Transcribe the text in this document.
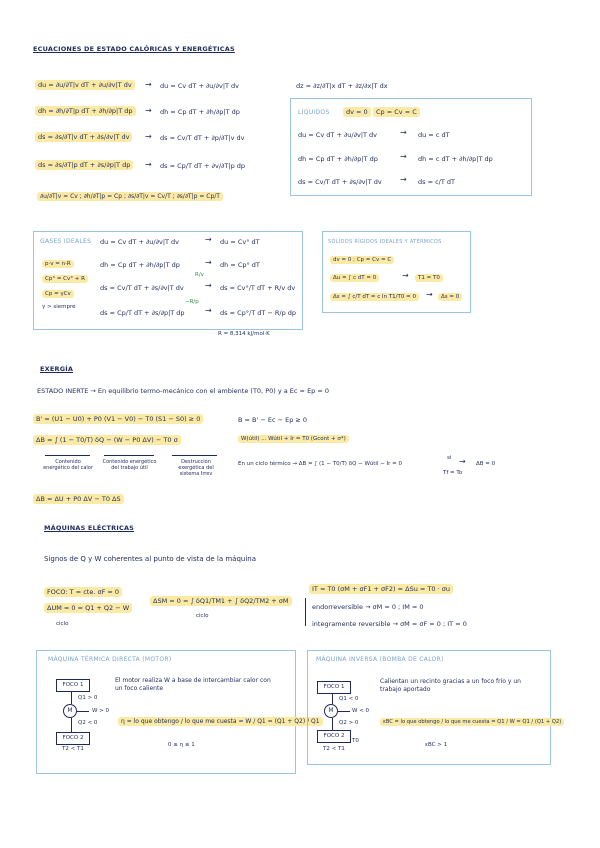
ECUACIONES DE ESTADO CALÓRICAS Y ENERGÉTICAS
du = ∂u/∂T|v dT + ∂u/∂v|T dv	→ du = Cv dT + ∂u/∂v|T dv
dh = ∂h/∂T|p dT + ∂h/∂p|T dp	→ dh = Cp dT + ∂h/∂p|T dp
ds = ∂s/∂T|v dT + ∂s/∂v|T dv	→ ds = Cv/T dT + ∂p/∂T|v dv
ds = ∂s/∂T|p dT + ∂s/∂p|T dp	→ ds = Cp/T dT + ∂v/∂T|p dp
∂u/∂T|v = Cv ; ∂h/∂T|p = Cp ; ∂s/∂T|v = Cv/T ; ∂s/∂T|p = Cp/T
dz = ∂z/∂T|x dT + ∂z/∂x|T dx
LÍQUIDOS	dv = 0	Cp = Cv = C
du = Cv dT + ∂u/∂v|T dv	→ du = c dT
dh = Cp dT + ∂h/∂p|T dp	→ dh = c dT + ∂h/∂p|T dp
ds = Cv/T dT + ∂s/∂v|T dv → ds = c/T dT
GASES IDEALES
p·v = n·R
Cp° = Cv° + R
Cp = γCv
γ > siempre
du = Cv dT + ∂u/∂v|T dv	→ du = Cv° dT
dh = Cp dT + ∂h/∂p|T dp	→ dh = Cp° dT
R/v
ds = Cv/T dT + ∂s/∂v|T dv	→ ds = Cv°/T dT + R/v dv
−R/p
ds = Cp/T dT + ∂s/∂p|T dp	→ ds = Cp°/T dT − R/p dp
R = 8,314 kJ/mol·K
SÓLIDOS RÍGIDOS IDEALES Y ATÉRMICOS
dv = 0 ; Cp = Cv = C
Δu = ∫ c dT = 0	→	T1 = T0
Δs = ∫ c/T dT = c ln T1/T0 = 0	→	Δs = 0
EXERGÍA
ESTADO INERTE → En equilibrio termo-mecánico con el ambiente (T0, P0) y a Ec = Ep = 0
B' = (U1 − U0) + P0 (V1 − V0) − T0 (S1 − S0) ≥ 0	B = B' − Ec − Ep ≥ 0
ΔB = ∫ (1 − T0/T) δQ − (W − P0 ΔV) − T0 σ	W(útil) ... Wútil + Ir = T0 (Gcont + σ*)
Contenido energético del calor
Contenido energético del trabajo útil
Destrucción exergética del sistema Irrev
En un ciclo térmico → ΔB = ∫ (1 − T0/T) δQ − Wútil − Ir = 0	→
si
Tf = To
ΔB = 0
ΔB = ΔU + P0 ΔV − T0 ΔS
MÁQUINAS ELÉCTRICAS
Signos de Q y W coherentes al punto de vista de la máquina
FOCO: T = cte. σF = 0
ΔUM = 0 = Q1 + Q2 − W
ciclo
ΔSM = 0 = ∫ δQ1/TM1 + ∫ δQ2/TM2 + σM
ciclo
IT = T0 (σM + σF1 + σF2) = ΔSu = T0 · σu
endorreversible → σM = 0 ; IM = 0
integramente reversible → σM = σF = 0 ; IT = 0
MÁQUINA TÉRMICA DIRECTA (MOTOR)
FOCO 1
M
FOCO 2
Q1 > 0
W > 0
Q2 < 0
T2 < T1
El motor realiza W a base de intercambiar calor con un foco caliente
η = lo que obtengo / lo que me cuesta = W / Q1 = (Q1 + Q2) / Q1
0 ≤ η ≤ 1
MÁQUINA INVERSA (BOMBA DE CALOR)
FOCO 1
M
FOCO 2
Q1 < 0
W < 0
Q2 > 0
T0
T2 < T1
Calientan un recinto gracias a un foco frío y un trabajo aportado
εBC = lo que obtengo / lo que me cuesta = Q1 / W = Q1 / (Q1 + Q2)
εBC > 1
